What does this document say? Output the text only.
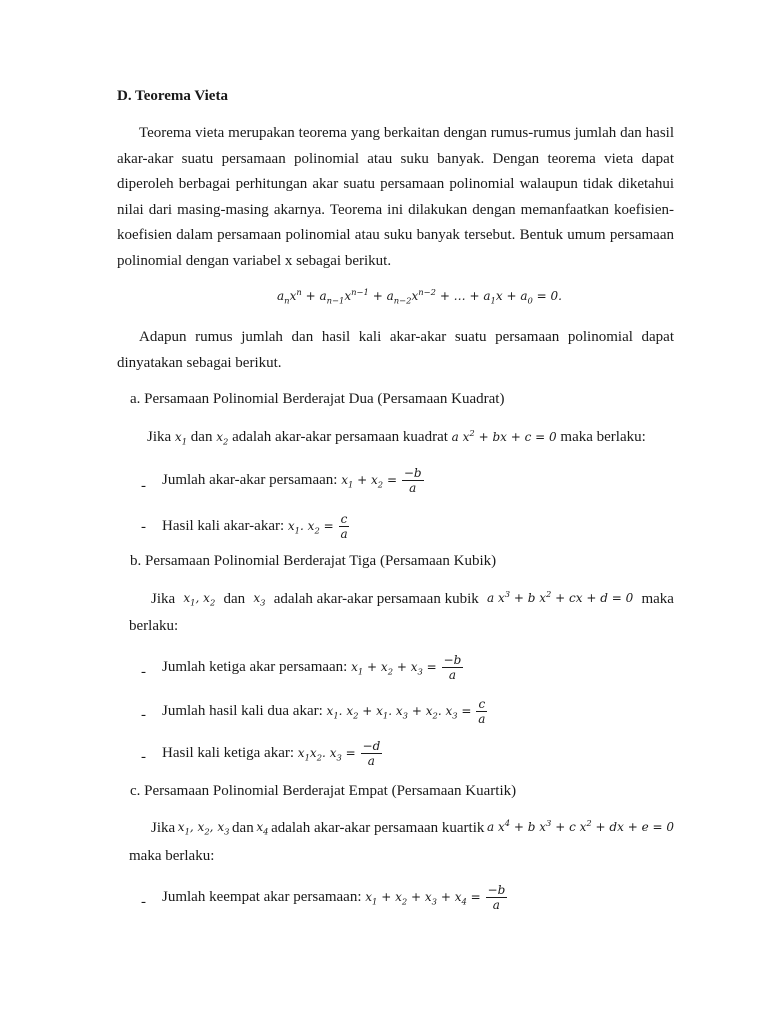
D. Teorema Vieta

Teorema vieta merupakan teorema yang berkaitan dengan rumus-rumus jumlah dan hasil akar-akar suatu persamaan polinomial atau suku banyak. Dengan teorema vieta dapat diperoleh berbagai perhitungan akar suatu persamaan polinomial walaupun tidak diketahui nilai dari masing-masing akarnya. Teorema ini dilakukan dengan memanfaatkan koefisien-koefisien dalam persamaan polinomial atau suku banyak tersebut. Bentuk umum persamaan polinomial dengan variabel x sebagai berikut.

$a_nx^n + a_{n-1}x^{n-1} + a_{n-2}x^{n-2}$ + … + $a_1x + a_0 = 0$.

Adapun rumus jumlah dan hasil kali akar-akar suatu persamaan polinomial dapat dinyatakan sebagai berikut.

a. Persamaan Polinomial Berderajat Dua (Persamaan Kuadrat)
Jika $x_1$ dan $x_2$ adalah akar-akar persamaan kuadrat a $x^2$ + bx + c = 0 maka berlaku:
- Jumlah akar-akar persamaan: $x_1 + x_2 = \frac{-b}{a}$
- Hasil kali akar-akar: $x_1$. $x_2 = \frac{c}{a}$
b. Persamaan Polinomial Berderajat Tiga (Persamaan Kubik)
Jika $x_1$, $x_2$ dan $x_3$ adalah akar-akar persamaan kubik a $x^3 + b$ $x^2$ + cx + d = 0 maka
berlaku:
- Jumlah ketiga akar persamaan: $x_1 + x_2 + x_3 = \frac{-b}{a}$
- Jumlah hasil kali dua akar: $x_1$. $x_2 + x_1$. $x_3 + x_2$. $x_3 = \frac{c}{a}$
- Hasil kali ketiga akar: $x_1x_2$. $x_3 = \frac{-d}{a}$
c. Persamaan Polinomial Berderajat Empat (Persamaan Kuartik)
Jika $x_1$, $x_2$, $x_3$ dan $x_4$ adalah akar-akar persamaan kuartik a $x^4 + b$ $x^3 + c$ $x^2$ + dx + e = 0
maka berlaku:
- Jumlah keempat akar persamaan: $x_1 + x_2 + x_3 + x_4 = \frac{-b}{a}$
